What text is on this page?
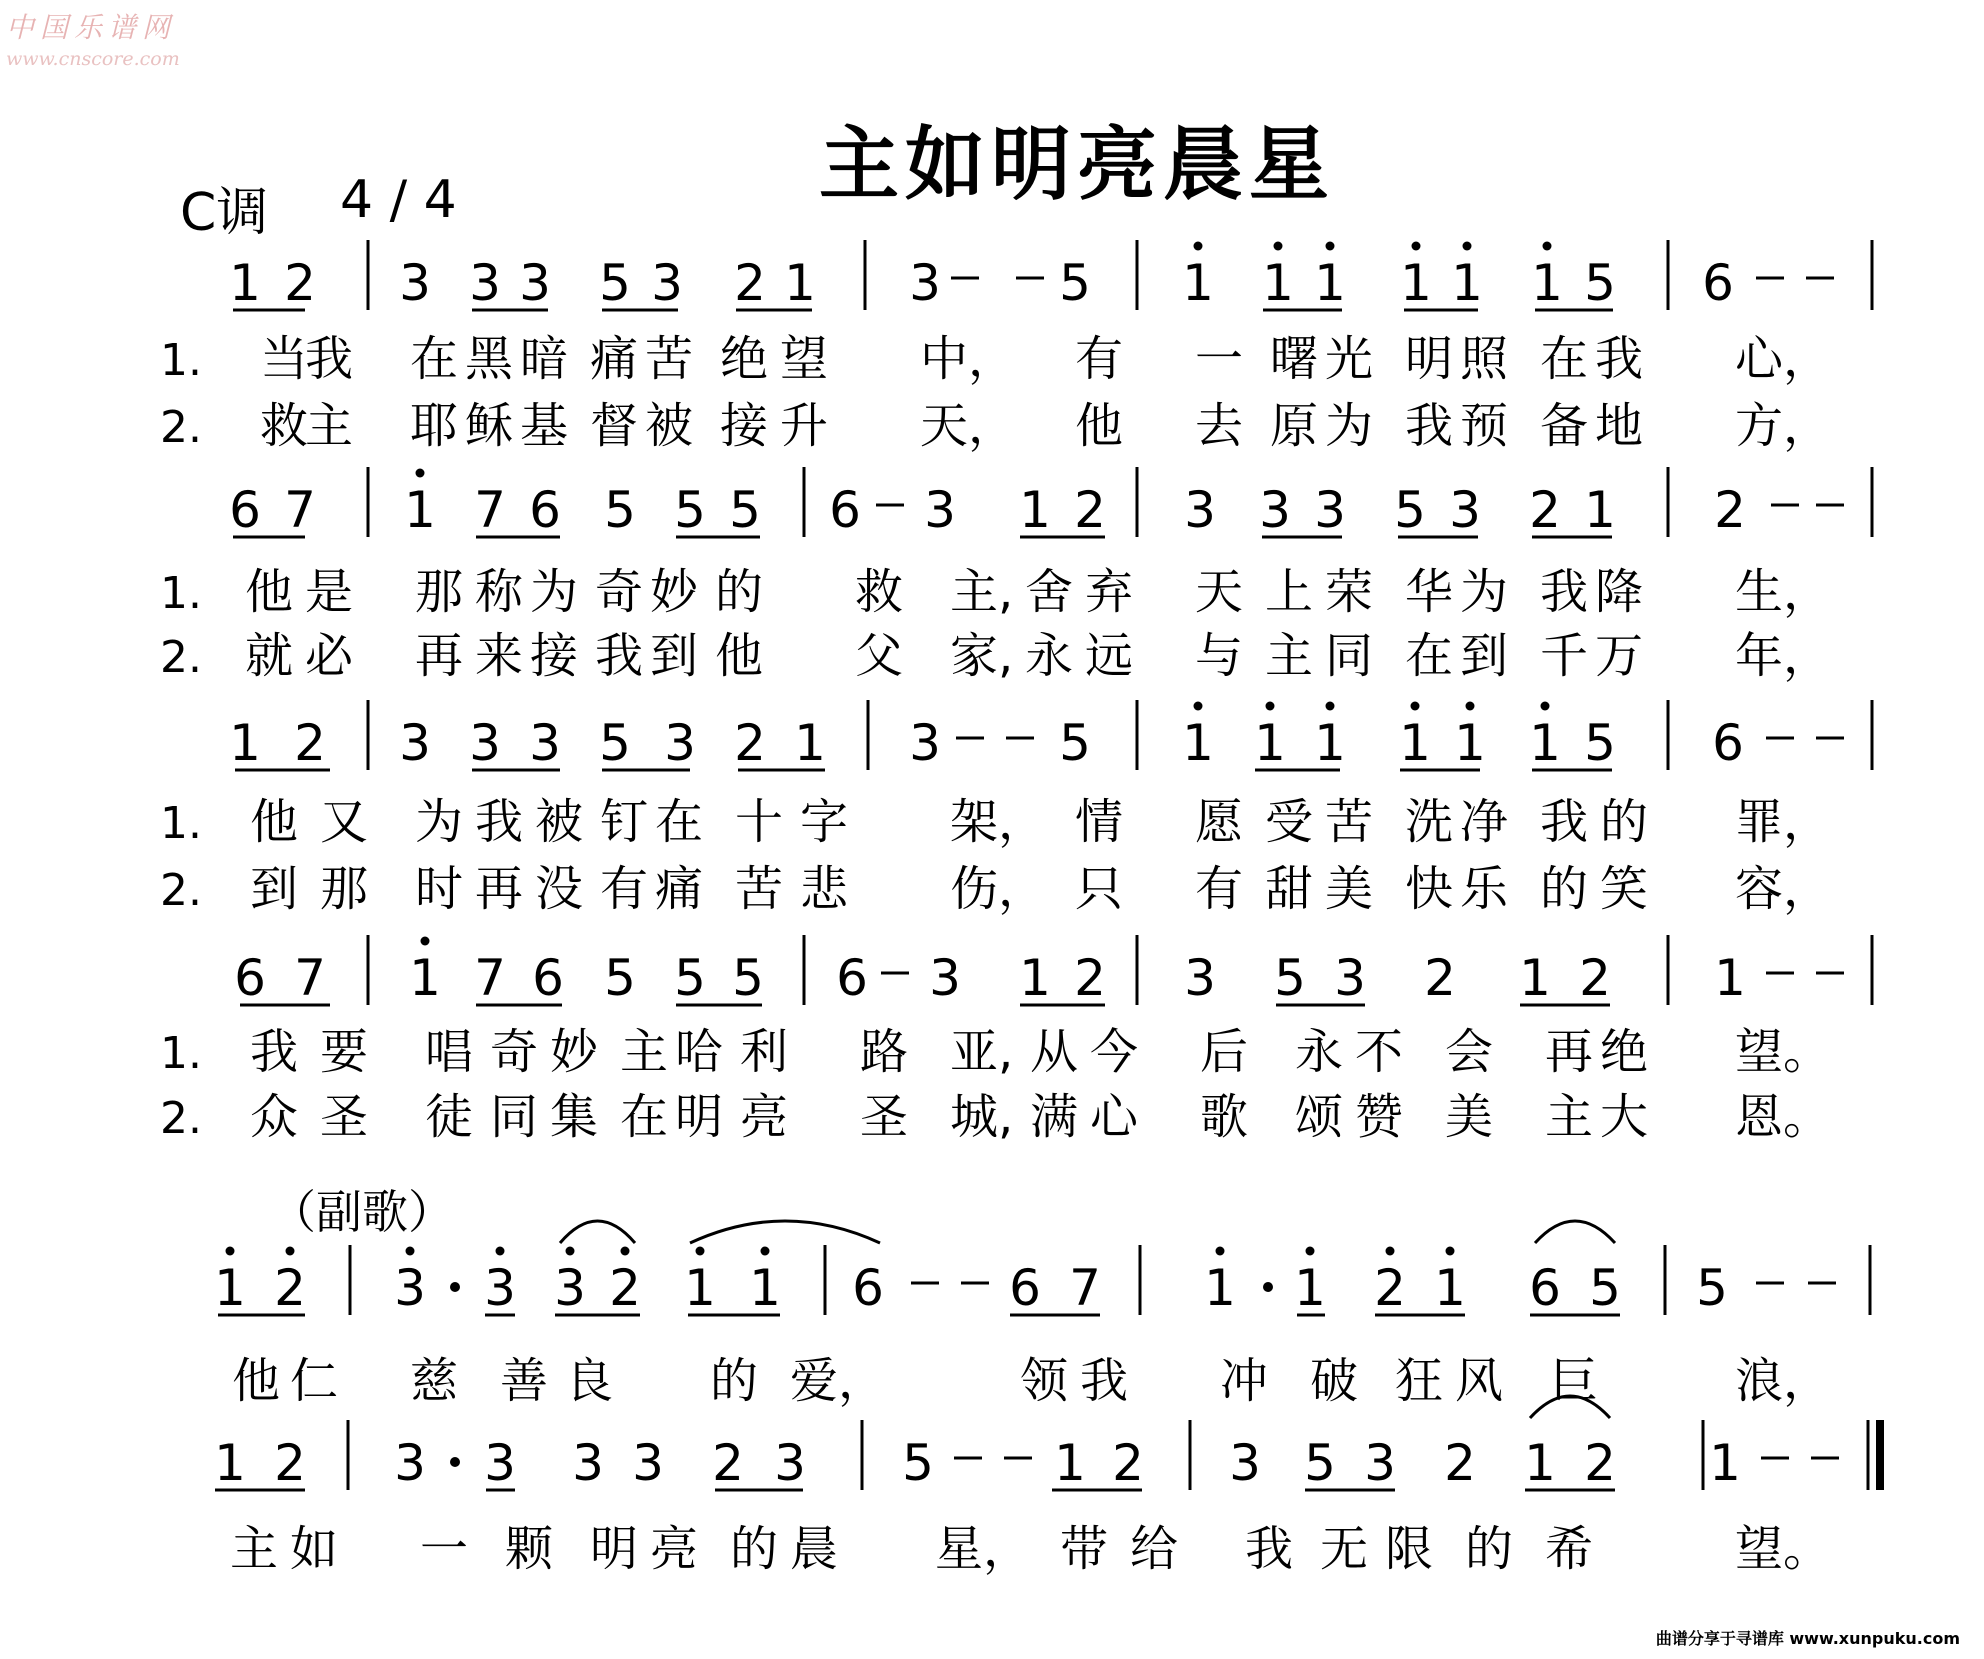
中国乐谱网
www.cnscore.com
主如明亮晨星
C调 4 / 4
1 2 3 3 3 5 3 2 1 3 5 1 1 1 1 1 1 5 6
1. 当
我 在 黑 暗 痛 苦 绝 望 中， 有 一 曙 光 明 照 在 我 心，
2. 救
主 耶 稣 基 督 被 接 升 天， 他 去 原 为 我 预 备 地 方，
6 7 1 7 6 5 5 5 6 3 1 2 3 3 3 5 3 2 1 2
1. 他 是 那 称 为 奇 妙 的 救 主, 舍 弃 天 上 荣 华 为 我 降 生，
2. 就 必 再 来 接 我 到 他 父 家, 永 远 与 主 同 在 到 千 万 年，
1 2 3 3 3 5 3 2 1 3 5 1 1 1 1 1 1 5 6
1. 他 又 为 我 被 钉 在 十 字 架， 情 愿 受 苦 洗 净 我 的 罪，
2. 到 那 时 再 没 有 痛 苦 悲 伤， 只 有 甜 美 快 乐 的 笑 容，
6 7 1 7 6 5 5 5 6 3 1 2 3 5 3 2 1 2 1
1. 我 要 唱 奇 妙 主 哈 利 路 亚, 从 今 后 永 不 会 再 绝 望。
2. 众 圣 徒 同 集 在 明 亮 圣 城, 满 心 歌 颂 赞 美 主 大 恩。
1 2 3 3 3 2 1 1 6	6 7 1 1 2 1 6 5 5
（副歌）
他 仁 慈 善 良 的 爱，	领 我 冲 破 狂 风 巨	浪，
1 2 3 3 3 3 2 3 5 1 2 3 5 3 2 1 2 1
主 如 一 颗 明 亮 的 晨 星， 带 给 我 无 限 的 希	望。
曲谱分享于寻谱库 www.xunpuku.com
